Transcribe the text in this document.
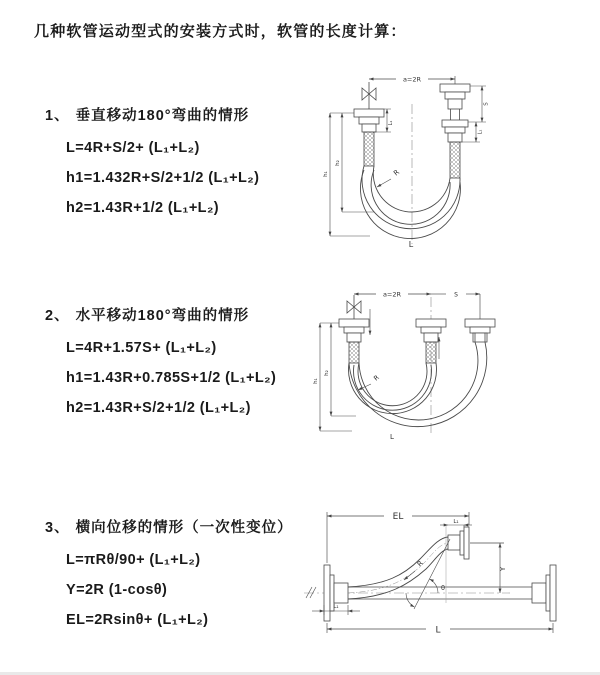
几种软管运动型式的安装方式时，软管的长度计算：
1、 垂直移动180°弯曲的情形
L=4R+S/2+ (L₁+L₂)
h1=1.432R+S/2+1/2 (L₁+L₂)
h2=1.43R+1/2 (L₁+L₂)
2、 水平移动180°弯曲的情形
L=4R+1.57S+ (L₁+L₂)
h1=1.43R+0.785S+1/2 (L₁+L₂)
h2=1.43R+S/2+1/2 (L₁+L₂)
3、 横向位移的情形（一次性变位）
L=πRθ/90+ (L₁+L₂)
Y=2R (1-cosθ)
EL=2Rsinθ+ (L₁+L₂)
a=2R
L₁
S
L₁
h₁
h₂
R
L
a=2R	S
h₁
h₂
R
L
EL	L₁
Y
R
θ
L
L₁
